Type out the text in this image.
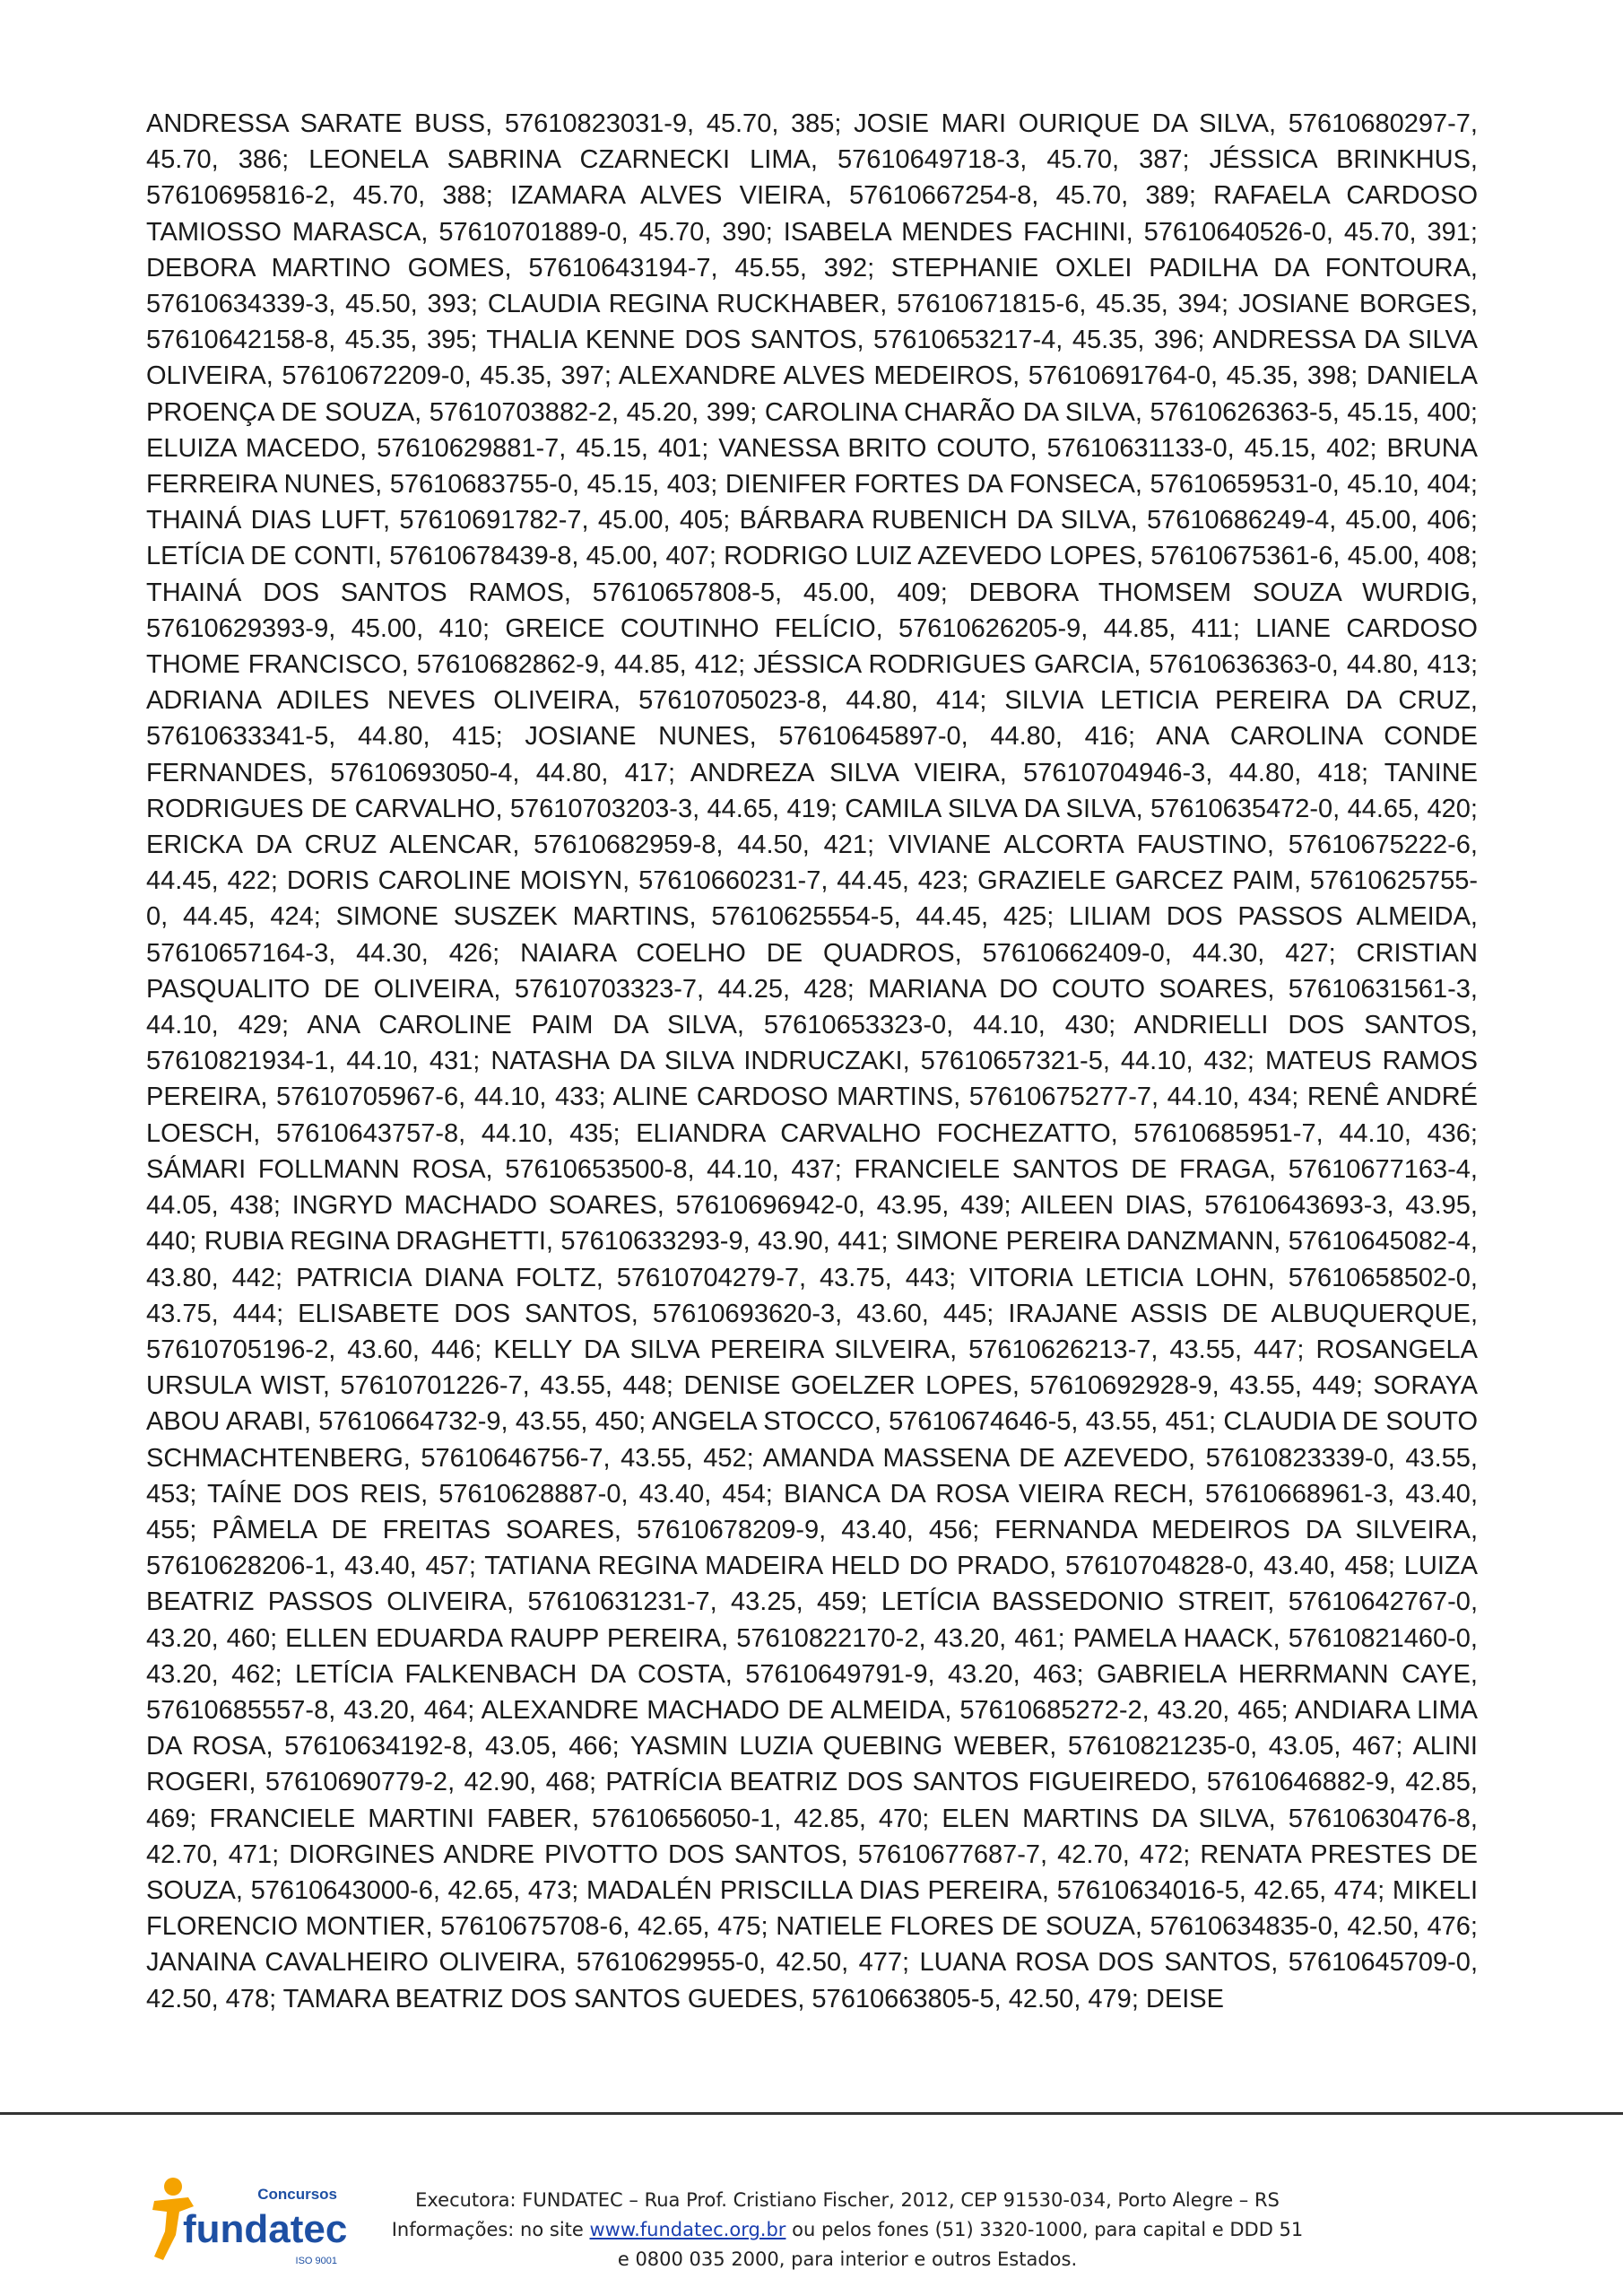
ANDRESSA SARATE BUSS, 57610823031-9, 45.70, 385; JOSIE MARI OURIQUE DA SILVA, 57610680297-7, 45.70, 386; LEONELA SABRINA CZARNECKI LIMA, 57610649718-3, 45.70, 387; JÉSSICA BRINKHUS, 57610695816-2, 45.70, 388; IZAMARA ALVES VIEIRA, 57610667254-8, 45.70, 389; RAFAELA CARDOSO TAMIOSSO MARASCA, 57610701889-0, 45.70, 390; ISABELA MENDES FACHINI, 57610640526-0, 45.70, 391; DEBORA MARTINO GOMES, 57610643194-7, 45.55, 392; STEPHANIE OXLEI PADILHA DA FONTOURA, 57610634339-3, 45.50, 393; CLAUDIA REGINA RUCKHABER, 57610671815-6, 45.35, 394; JOSIANE BORGES, 57610642158-8, 45.35, 395; THALIA KENNE DOS SANTOS, 57610653217-4, 45.35, 396; ANDRESSA DA SILVA OLIVEIRA, 57610672209-0, 45.35, 397; ALEXANDRE ALVES MEDEIROS, 57610691764-0, 45.35, 398; DANIELA PROENÇA DE SOUZA, 57610703882-2, 45.20, 399; CAROLINA CHARÃO DA SILVA, 57610626363-5, 45.15, 400; ELUIZA MACEDO, 57610629881-7, 45.15, 401; VANESSA BRITO COUTO, 57610631133-0, 45.15, 402; BRUNA FERREIRA NUNES, 57610683755-0, 45.15, 403; DIENIFER FORTES DA FONSECA, 57610659531-0, 45.10, 404; THAINÁ DIAS LUFT, 57610691782-7, 45.00, 405; BÁRBARA RUBENICH DA SILVA, 57610686249-4, 45.00, 406; LETÍCIA DE CONTI, 57610678439-8, 45.00, 407; RODRIGO LUIZ AZEVEDO LOPES, 57610675361-6, 45.00, 408; THAINÁ DOS SANTOS RAMOS, 57610657808-5, 45.00, 409; DEBORA THOMSEM SOUZA WURDIG, 57610629393-9, 45.00, 410; GREICE COUTINHO FELÍCIO, 57610626205-9, 44.85, 411; LIANE CARDOSO THOME FRANCISCO, 57610682862-9, 44.85, 412; JÉSSICA RODRIGUES GARCIA, 57610636363-0, 44.80, 413; ADRIANA ADILES NEVES OLIVEIRA, 57610705023-8, 44.80, 414; SILVIA LETICIA PEREIRA DA CRUZ, 57610633341-5, 44.80, 415; JOSIANE NUNES, 57610645897-0, 44.80, 416; ANA CAROLINA CONDE FERNANDES, 57610693050-4, 44.80, 417; ANDREZA SILVA VIEIRA, 57610704946-3, 44.80, 418; TANINE RODRIGUES DE CARVALHO, 57610703203-3, 44.65, 419; CAMILA SILVA DA SILVA, 57610635472-0, 44.65, 420; ERICKA DA CRUZ ALENCAR, 57610682959-8, 44.50, 421; VIVIANE ALCORTA FAUSTINO, 57610675222-6, 44.45, 422; DORIS CAROLINE MOISYN, 57610660231-7, 44.45, 423; GRAZIELE GARCEZ PAIM, 57610625755-0, 44.45, 424; SIMONE SUSZEK MARTINS, 57610625554-5, 44.45, 425; LILIAM DOS PASSOS ALMEIDA, 57610657164-3, 44.30, 426; NAIARA COELHO DE QUADROS, 57610662409-0, 44.30, 427; CRISTIAN PASQUALITO DE OLIVEIRA, 57610703323-7, 44.25, 428; MARIANA DO COUTO SOARES, 57610631561-3, 44.10, 429; ANA CAROLINE PAIM DA SILVA, 57610653323-0, 44.10, 430; ANDRIELLI DOS SANTOS, 57610821934-1, 44.10, 431; NATASHA DA SILVA INDRUCZAKI, 57610657321-5, 44.10, 432; MATEUS RAMOS PEREIRA, 57610705967-6, 44.10, 433; ALINE CARDOSO MARTINS, 57610675277-7, 44.10, 434; RENÊ ANDRÉ LOESCH, 57610643757-8, 44.10, 435; ELIANDRA CARVALHO FOCHEZATTO, 57610685951-7, 44.10, 436; SÁMARI FOLLMANN ROSA, 57610653500-8, 44.10, 437; FRANCIELE SANTOS DE FRAGA, 57610677163-4, 44.05, 438; INGRYD MACHADO SOARES, 57610696942-0, 43.95, 439; AILEEN DIAS, 57610643693-3, 43.95, 440; RUBIA REGINA DRAGHETTI, 57610633293-9, 43.90, 441; SIMONE PEREIRA DANZMANN, 57610645082-4, 43.80, 442; PATRICIA DIANA FOLTZ, 57610704279-7, 43.75, 443; VITORIA LETICIA LOHN, 57610658502-0, 43.75, 444; ELISABETE DOS SANTOS, 57610693620-3, 43.60, 445; IRAJANE ASSIS DE ALBUQUERQUE, 57610705196-2, 43.60, 446; KELLY DA SILVA PEREIRA SILVEIRA, 57610626213-7, 43.55, 447; ROSANGELA URSULA WIST, 57610701226-7, 43.55, 448; DENISE GOELZER LOPES, 57610692928-9, 43.55, 449; SORAYA ABOU ARABI, 57610664732-9, 43.55, 450; ANGELA STOCCO, 57610674646-5, 43.55, 451; CLAUDIA DE SOUTO SCHMACHTENBERG, 57610646756-7, 43.55, 452; AMANDA MASSENA DE AZEVEDO, 57610823339-0, 43.55, 453; TAÍNE DOS REIS, 57610628887-0, 43.40, 454; BIANCA DA ROSA VIEIRA RECH, 57610668961-3, 43.40, 455; PÂMELA DE FREITAS SOARES, 57610678209-9, 43.40, 456; FERNANDA MEDEIROS DA SILVEIRA, 57610628206-1, 43.40, 457; TATIANA REGINA MADEIRA HELD DO PRADO, 57610704828-0, 43.40, 458; LUIZA BEATRIZ PASSOS OLIVEIRA, 57610631231-7, 43.25, 459; LETÍCIA BASSEDONIO STREIT, 57610642767-0, 43.20, 460; ELLEN EDUARDA RAUPP PEREIRA, 57610822170-2, 43.20, 461; PAMELA HAACK, 57610821460-0, 43.20, 462; LETÍCIA FALKENBACH DA COSTA, 57610649791-9, 43.20, 463; GABRIELA HERRMANN CAYE, 57610685557-8, 43.20, 464; ALEXANDRE MACHADO DE ALMEIDA, 57610685272-2, 43.20, 465; ANDIARA LIMA DA ROSA, 57610634192-8, 43.05, 466; YASMIN LUZIA QUEBING WEBER, 57610821235-0, 43.05, 467; ALINI ROGERI, 57610690779-2, 42.90, 468; PATRÍCIA BEATRIZ DOS SANTOS FIGUEIREDO, 57610646882-9, 42.85, 469; FRANCIELE MARTINI FABER, 57610656050-1, 42.85, 470; ELEN MARTINS DA SILVA, 57610630476-8, 42.70, 471; DIORGINES ANDRE PIVOTTO DOS SANTOS, 57610677687-7, 42.70, 472; RENATA PRESTES DE SOUZA, 57610643000-6, 42.65, 473; MADALÉN PRISCILLA DIAS PEREIRA, 57610634016-5, 42.65, 474; MIKELI FLORENCIO MONTIER, 57610675708-6, 42.65, 475; NATIELE FLORES DE SOUZA, 57610634835-0, 42.50, 476; JANAINA CAVALHEIRO OLIVEIRA, 57610629955-0, 42.50, 477; LUANA ROSA DOS SANTOS, 57610645709-0, 42.50, 478; TAMARA BEATRIZ DOS SANTOS GUEDES, 57610663805-5, 42.50, 479; DEISE
Concursos
fundatec
ISO 9001
Executora: FUNDATEC – Rua Prof. Cristiano Fischer, 2012, CEP 91530-034, Porto Alegre – RS
Informações: no site www.fundatec.org.br ou pelos fones (51) 3320-1000, para capital e DDD 51
e 0800 035 2000, para interior e outros Estados.
